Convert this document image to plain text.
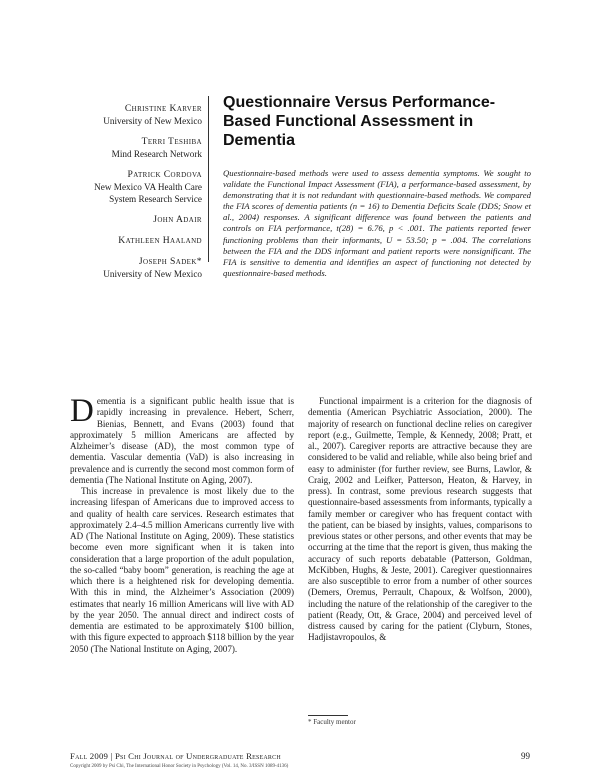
Christine Karver

University of New Mexico

Terri Teshiba

Mind Research Network

Patrick Cordova

New Mexico VA Health Care System Research Service

John Adair

Kathleen Haaland

Joseph Sadek*

University of New Mexico

Questionnaire Versus Performance-Based Functional Assessment in Dementia

Questionnaire-based methods were used to assess dementia symptoms. We sought to validate the Functional Impact Assessment (FIA), a performance-based assessment, by demonstrating that it is not redundant with questionnaire-based methods. We compared the FIA scores of dementia patients (n = 16) to Dementia Deficits Scale (DDS; Snow et al., 2004) responses. A significant difference was found between the patients and controls on FIA performance, t(28) = 6.76, p < .001. The patients reported fewer functioning problems than their informants, U = 53.50; p = .004. The correlations between the FIA and the DDS informant and patient reports were nonsignificant. The FIA is sensitive to dementia and identifies an aspect of functioning not detected by questionnaire-based methods.

Dementia is a significant public health issue that is rapidly increasing in prevalence. Hebert, Scherr, Bienias, Bennett, and Evans (2003) found that approximately 5 million Americans are affected by Alzheimer’s disease (AD), the most common type of dementia. Vascular dementia (VaD) is also increasing in prevalence and is currently the second most common form of dementia (The National Institute on Aging, 2007).

This increase in prevalence is most likely due to the increasing lifespan of Americans due to improved access to and quality of health care services. Research estimates that approximately 2.4–4.5 million Americans currently live with AD (The National Institute on Aging, 2009). These statistics become even more significant when it is taken into consideration that a large proportion of the adult population, the so-called “baby boom” generation, is reaching the age at which there is a heightened risk for developing dementia. With this in mind, the Alzheimer’s Association (2009) estimates that nearly 16 million Americans will live with AD by the year 2050. The annual direct and indirect costs of dementia are estimated to be approximately $100 billion, with this figure expected to approach $118 billion by the year 2050 (The National Institute on Aging, 2007).

Functional impairment is a criterion for the diagnosis of dementia (American Psychiatric Association, 2000). The majority of research on functional decline relies on caregiver report (e.g., Guilmette, Temple, & Kennedy, 2008; Pratt, et al., 2007). Caregiver reports are attractive because they are considered to be valid and reliable, while also being brief and easy to administer (for further review, see Burns, Lawlor, & Craig, 2002 and Leifker, Patterson, Heaton, & Harvey, in press). In contrast, some previous research suggests that questionnaire-based assessments from informants, typically a family member or caregiver who has frequent contact with the patient, can be biased by insights, values, comparisons to previous states or other persons, and other events that may be occurring at the time that the report is given, thus making the accuracy of such reports debatable (Patterson, Goldman, McKibben, Hughs, & Jeste, 2001). Caregiver questionnaires are also susceptible to error from a number of other sources (Demers, Oremus, Perrault, Chapoux, & Wolfson, 2000), including the nature of the relationship of the caregiver to the patient (Ready, Ott, & Grace, 2004) and perceived level of distress caused by caring for the patient (Clyburn, Stones, Hadjistavropoulos, &

* Faculty mentor

Fall 2009 | Psi Chi Journal of Undergraduate Research	99
Copyright 2009 by Psi Chi, The International Honor Society in Psychology (Vol. 14, No. 3/ISSN 1089-4136)
